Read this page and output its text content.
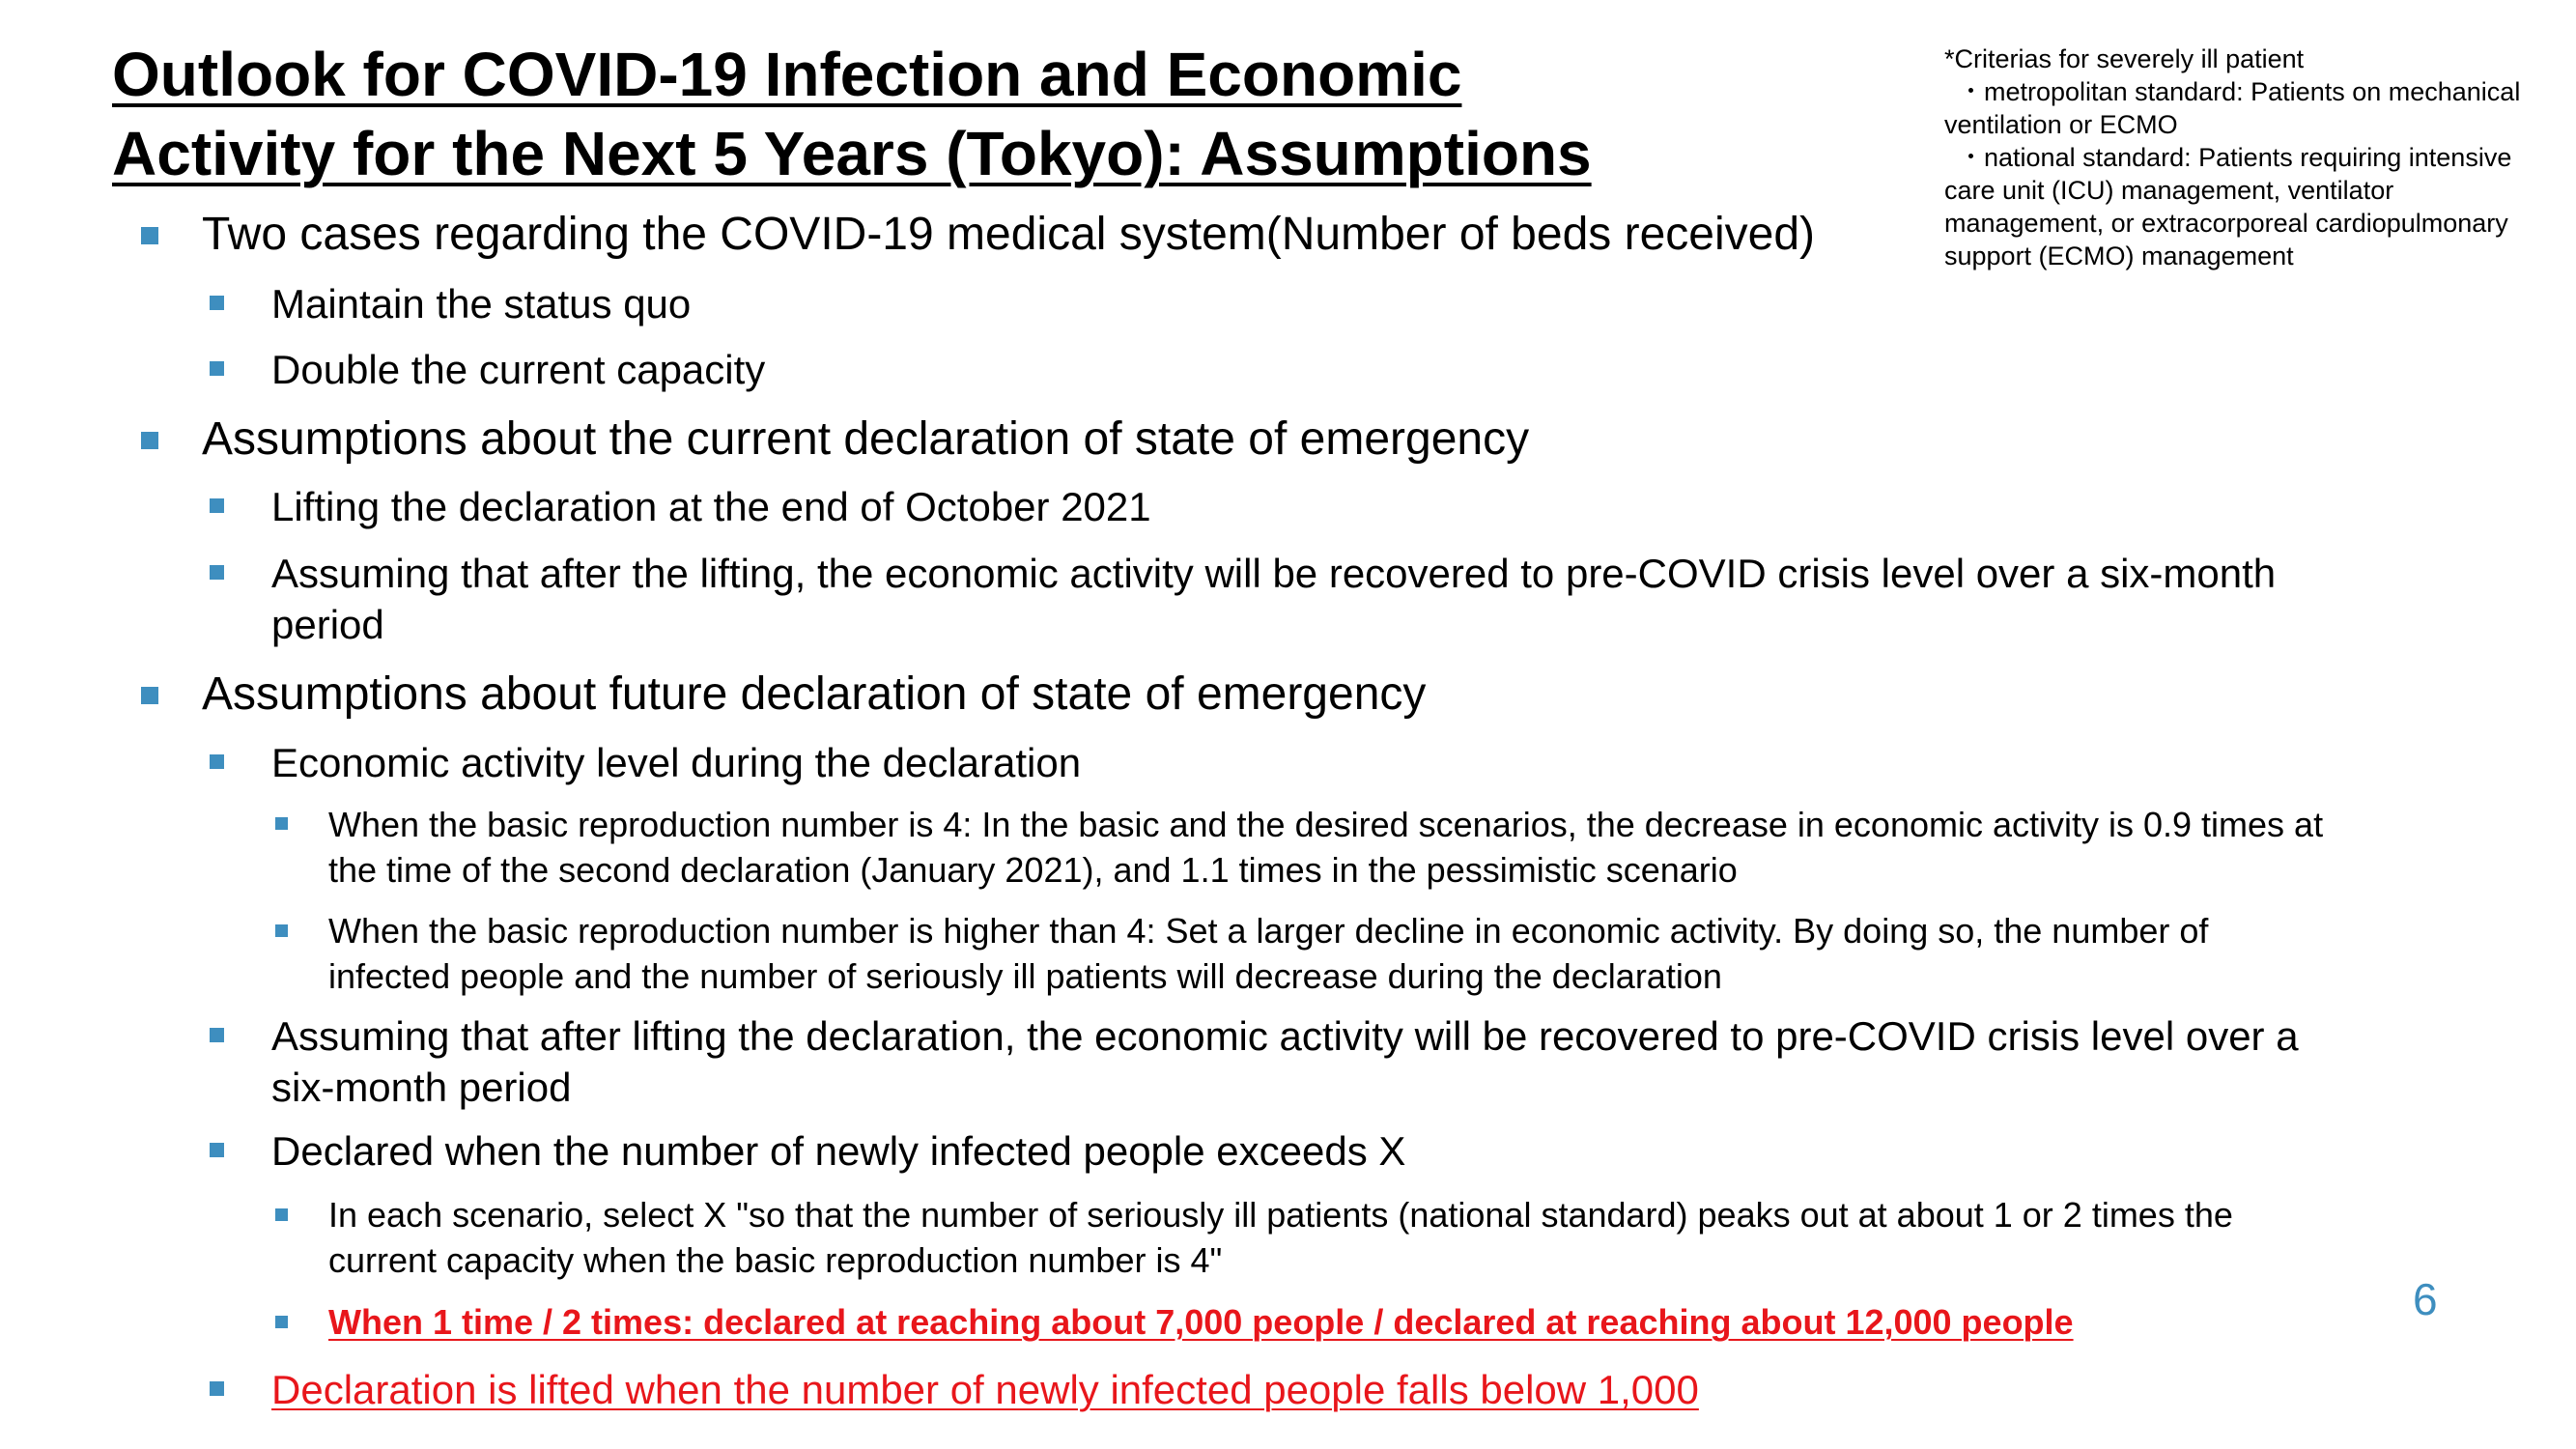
Outlook for COVID-19 Infection and Economic
Activity for the Next 5 Years (Tokyo): Assumptions
*Criterias for severely ill patient
・metropolitan standard: Patients on mechanical
ventilation or ECMO
・national standard: Patients requiring intensive
care unit (ICU) management, ventilator
management, or extracorporeal cardiopulmonary
support (ECMO) management
Two cases regarding the COVID-19 medical system(Number of beds received)
Maintain the status quo
Double the current capacity
Assumptions about the current declaration of state of emergency
Lifting the declaration at the end of October 2021
Assuming that after the lifting, the economic activity will be recovered to pre-COVID crisis level over a six-month
period
Assumptions about future declaration of state of emergency
Economic activity level during the declaration
When the basic reproduction number is 4: In the basic and the desired scenarios, the decrease in economic activity is 0.9 times at
the time of the second declaration (January 2021), and 1.1 times in the pessimistic scenario
When the basic reproduction number is higher than 4: Set a larger decline in economic activity. By doing so, the number of
infected people and the number of seriously ill patients will decrease during the declaration
Assuming that after lifting the declaration, the economic activity will be recovered to pre-COVID crisis level over a
six-month period
Declared when the number of newly infected people exceeds X
In each scenario, select X "so that the number of seriously ill patients (national standard) peaks out at about 1 or 2 times the
current capacity when the basic reproduction number is 4"
When 1 time / 2 times: declared at reaching about 7,000 people / declared at reaching about 12,000 people
Declaration is lifted when the number of newly infected people falls below 1,000
6
